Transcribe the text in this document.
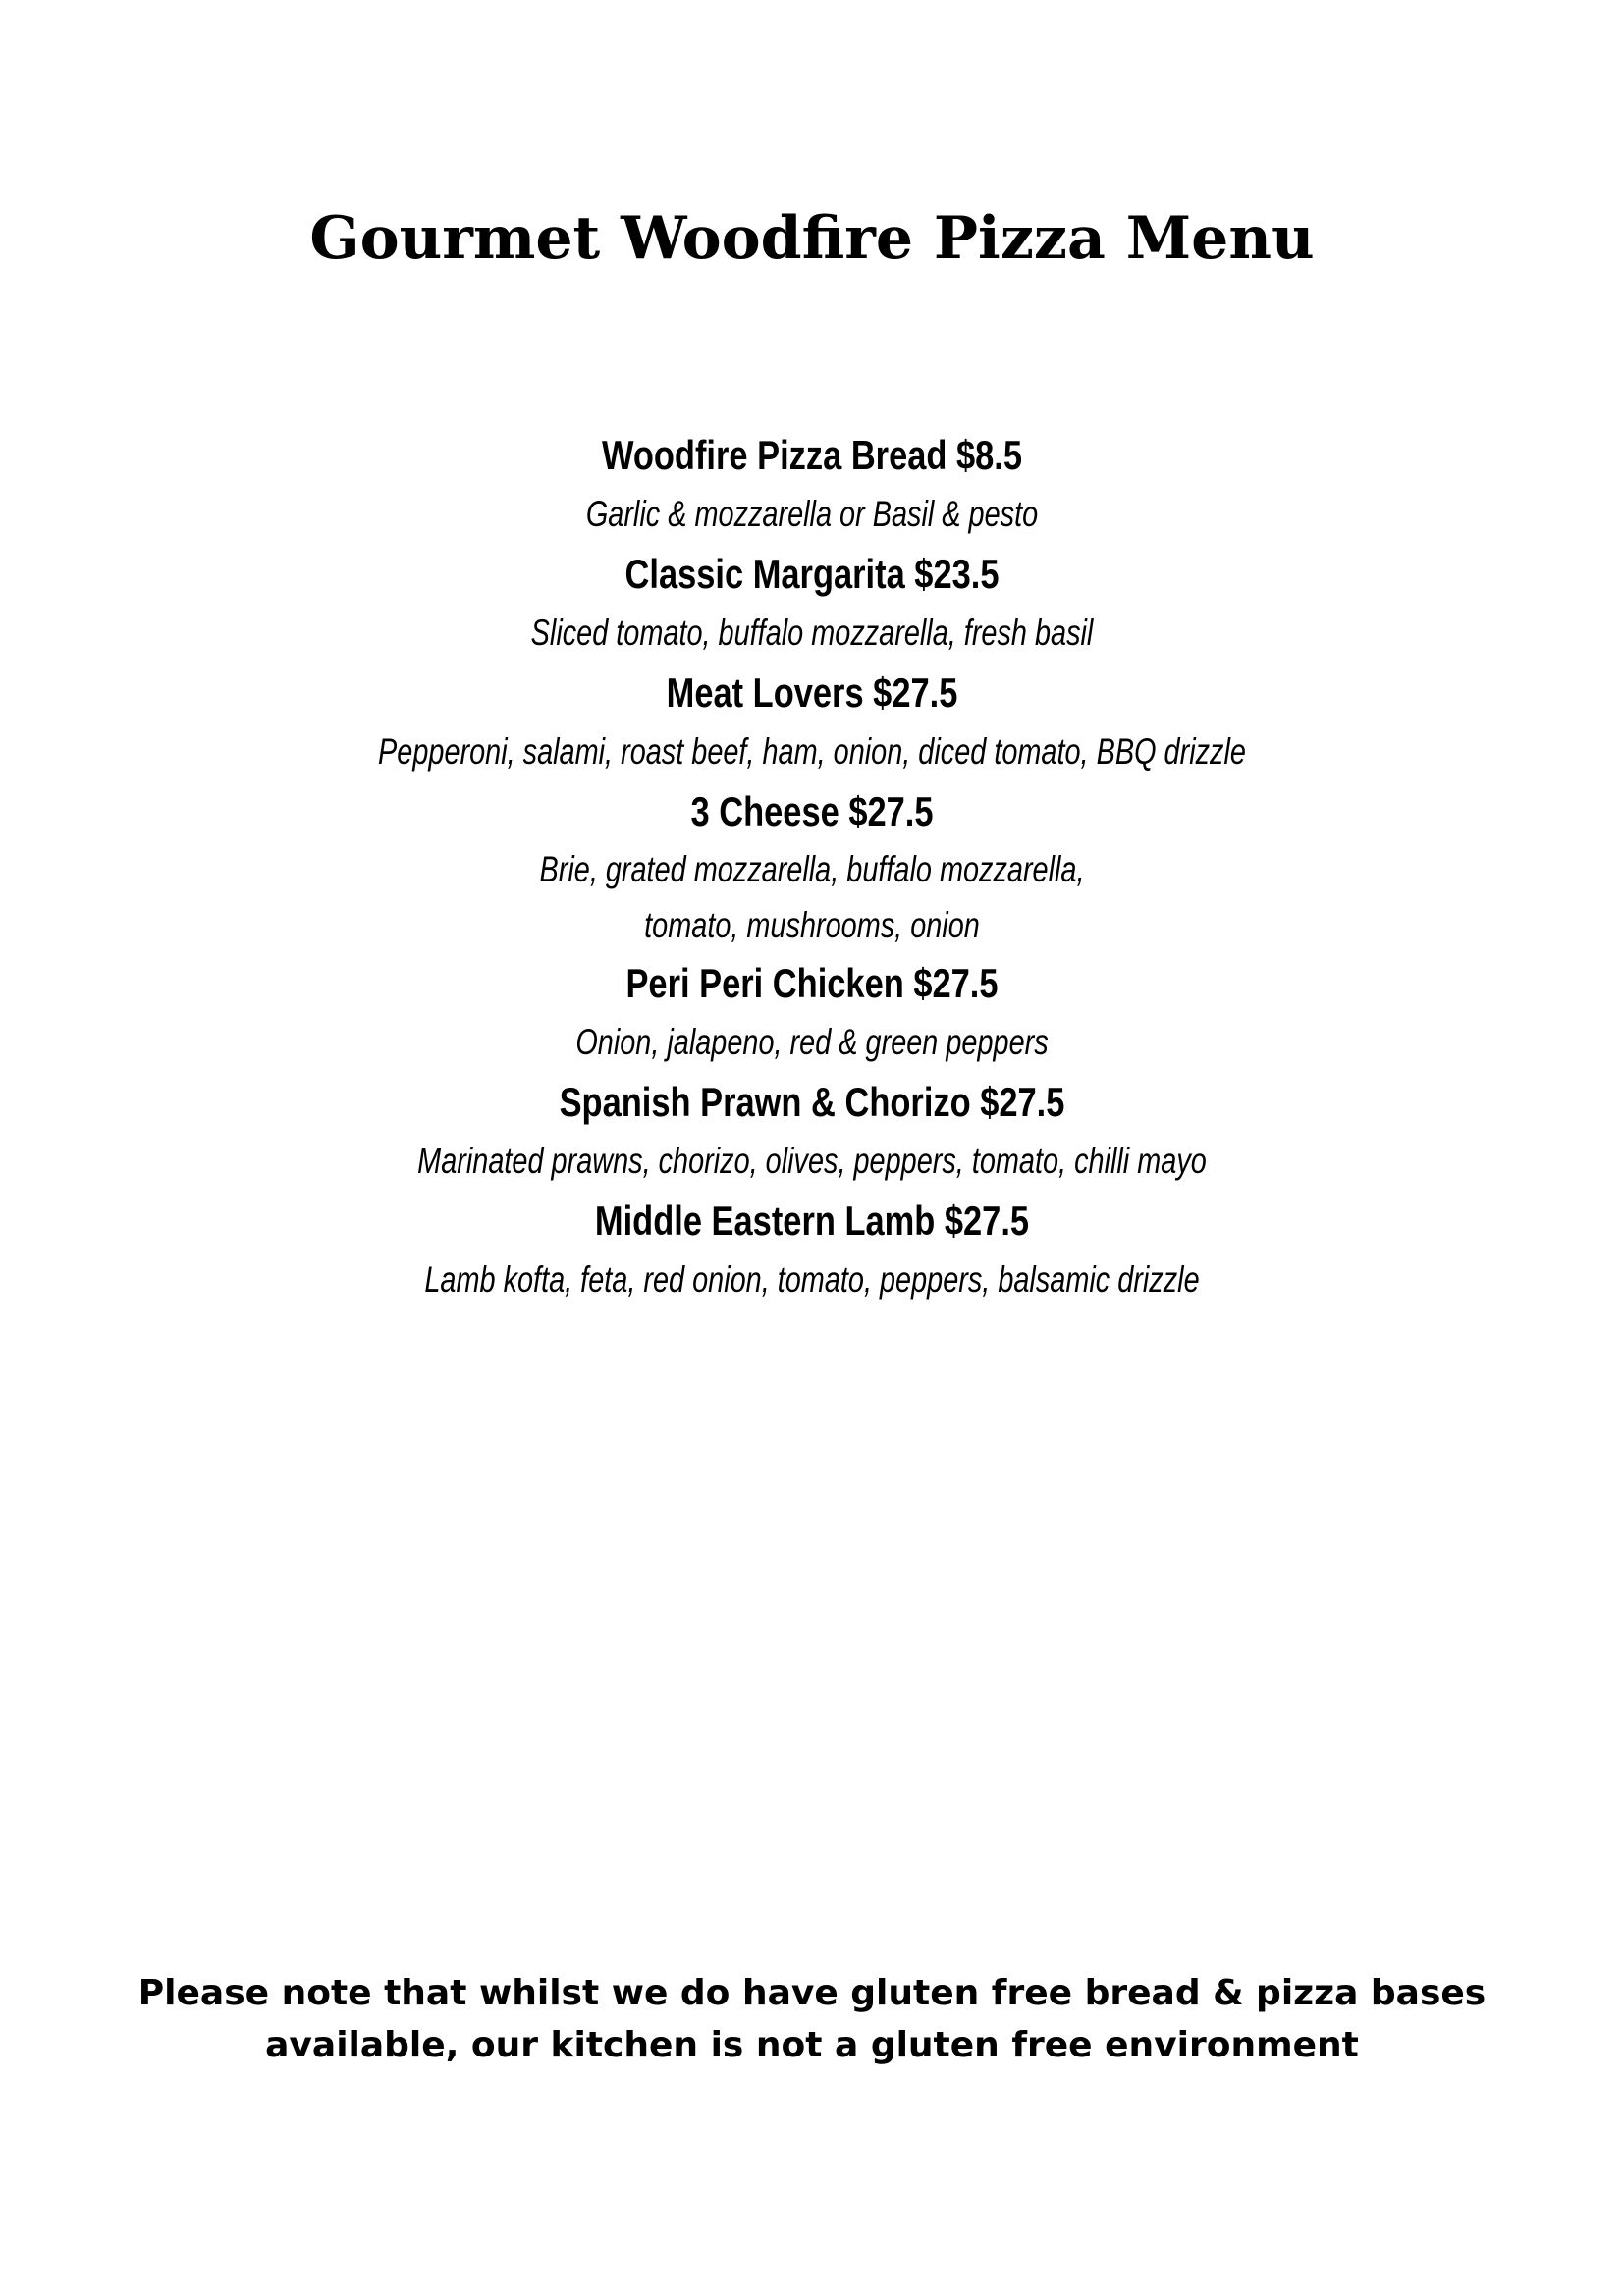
Gourmet Woodfire Pizza Menu
Woodfire Pizza Bread $8.5
Garlic & mozzarella or Basil & pesto
Classic Margarita $23.5
Sliced tomato, buffalo mozzarella, fresh basil
Meat Lovers $27.5
Pepperoni, salami, roast beef, ham, onion, diced tomato, BBQ drizzle
3 Cheese $27.5
Brie, grated mozzarella, buffalo mozzarella,
tomato, mushrooms, onion
Peri Peri Chicken $27.5
Onion, jalapeno, red & green peppers
Spanish Prawn & Chorizo $27.5
Marinated prawns, chorizo, olives, peppers, tomato, chilli mayo
Middle Eastern Lamb $27.5
Lamb kofta, feta, red onion, tomato, peppers, balsamic drizzle

Please note that whilst we do have gluten free bread & pizza bases
available, our kitchen is not a gluten free environment
